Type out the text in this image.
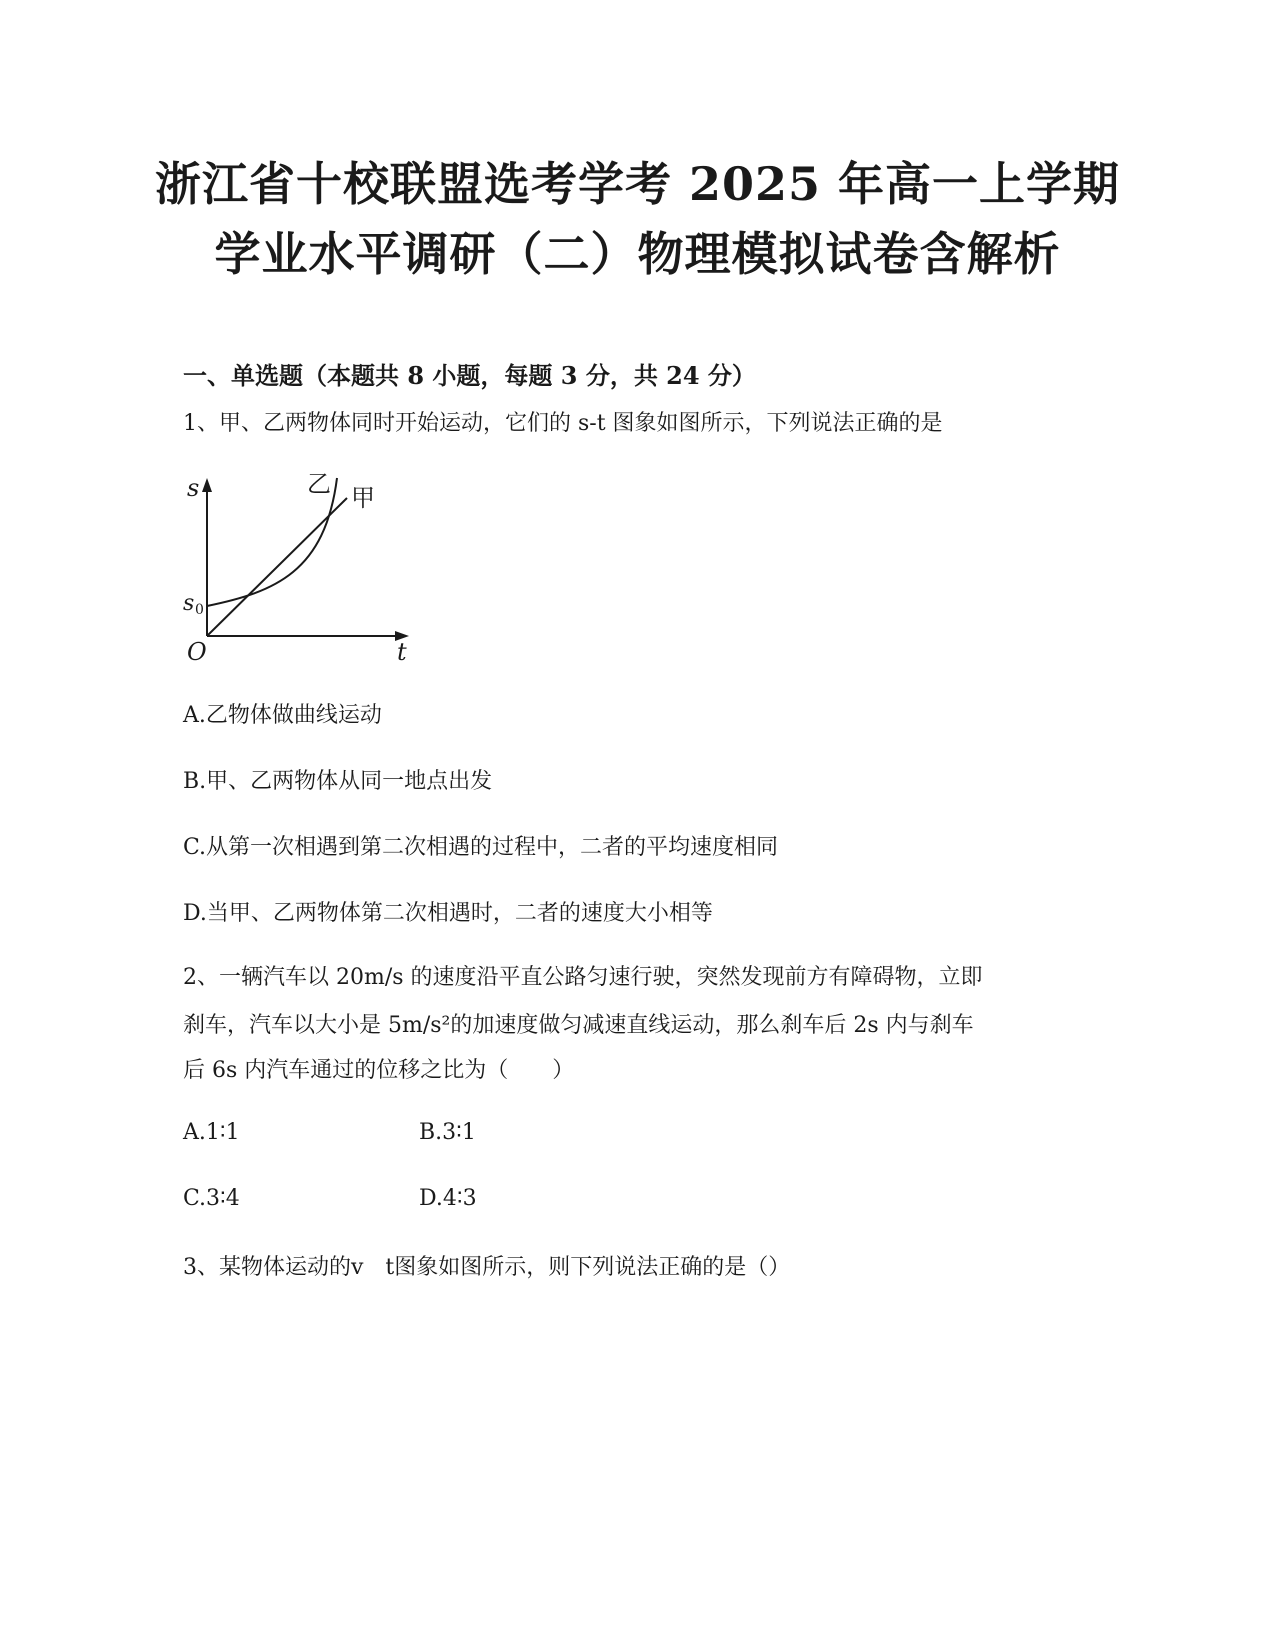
浙江省十校联盟选考学考 2025 年高一上学期
学业水平调研（二）物理模拟试卷含解析
一、单选题（本题共 8 小题，每题 3 分，共 24 分）
1、甲、乙两物体同时开始运动，它们的 s-t 图象如图所示，下列说法正确的是
s
t
O
s 0
乙 甲
A.乙物体做曲线运动
B.甲、乙两物体从同一地点出发
C.从第一次相遇到第二次相遇的过程中，二者的平均速度相同
D.当甲、乙两物体第二次相遇时，二者的速度大小相等
2、一辆汽车以 20m/s 的速度沿平直公路匀速行驶，突然发现前方有障碍物，立即
刹车，汽车以大小是 5m/s²的加速度做匀减速直线运动，那么刹车后 2s 内与刹车
后 6s 内汽车通过的位移之比为（　　）
A.1∶1	B.3∶1
C.3∶4	D.4∶3
3、某物体运动的v　t图象如图所示，则下列说法正确的是（）
